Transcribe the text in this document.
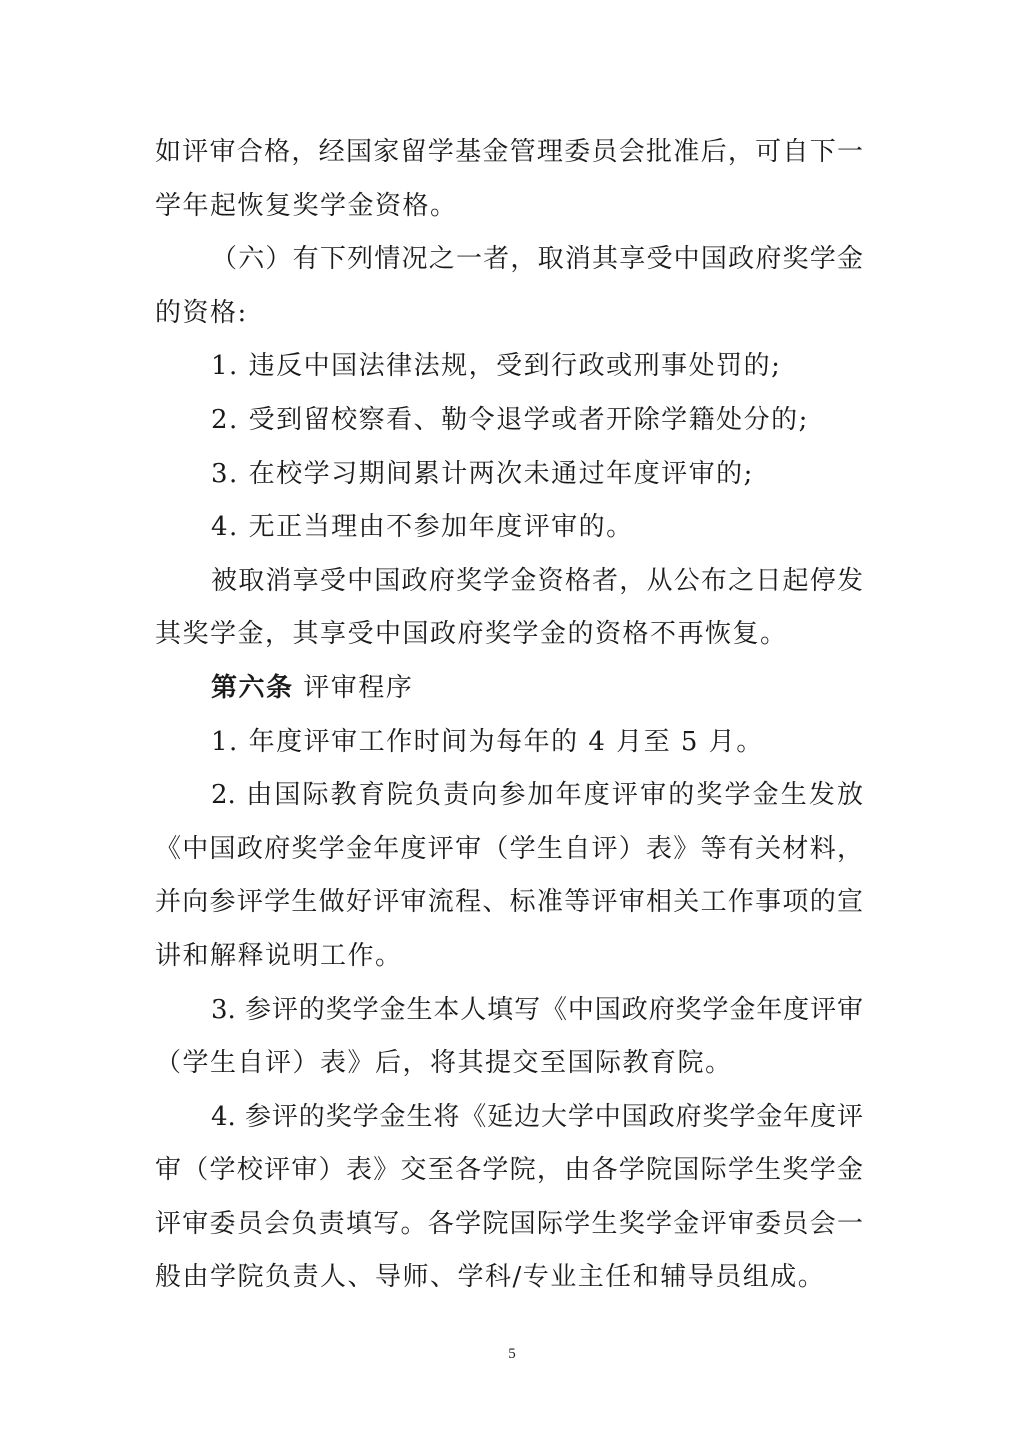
如评审合格，经国家留学基金管理委员会批准后，可自下一
学年起恢复奖学金资格。
（六）有下列情况之一者，取消其享受中国政府奖学金
的资格:
1. 违反中国法律法规，受到行政或刑事处罚的;
2. 受到留校察看、勒令退学或者开除学籍处分的;
3. 在校学习期间累计两次未通过年度评审的;
4. 无正当理由不参加年度评审的。
被取消享受中国政府奖学金资格者，从公布之日起停发
其奖学金，其享受中国政府奖学金的资格不再恢复。
第六条 评审程序
1. 年度评审工作时间为每年的 4 月至 5 月。
2. 由国际教育院负责向参加年度评审的奖学金生发放
《中国政府奖学金年度评审（学生自评）表》等有关材料，
并向参评学生做好评审流程、标准等评审相关工作事项的宣
讲和解释说明工作。
3. 参评的奖学金生本人填写《中国政府奖学金年度评审
（学生自评）表》后，将其提交至国际教育院。
4. 参评的奖学金生将《延边大学中国政府奖学金年度评
审（学校评审）表》交至各学院，由各学院国际学生奖学金
评审委员会负责填写。各学院国际学生奖学金评审委员会一
般由学院负责人、导师、学科/专业主任和辅导员组成。
5
